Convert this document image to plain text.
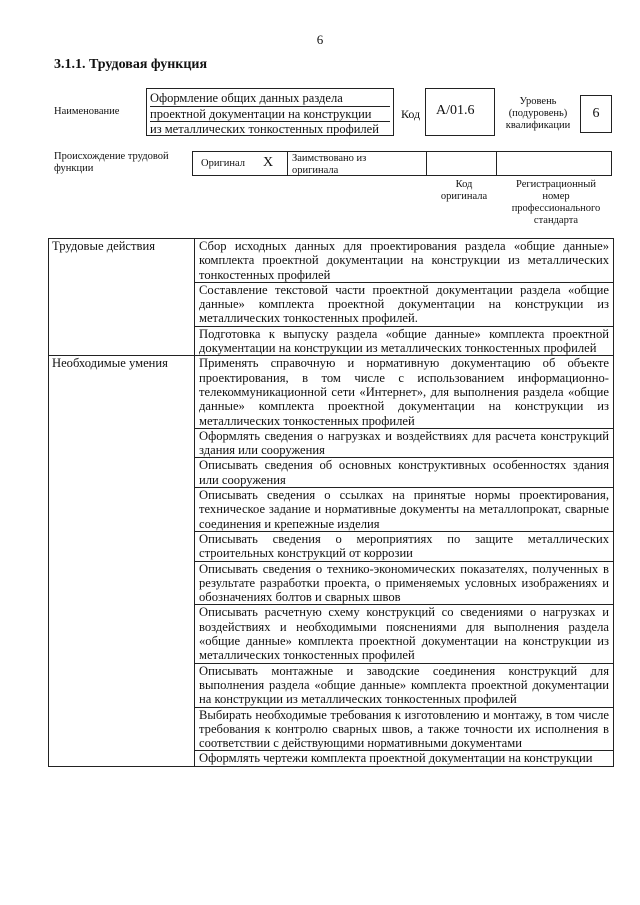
6
3.1.1. Трудовая функция
Наименование
Оформление общих данных раздела
проектной документации на конструкции
из металлических тонкостенных профилей
Код	А/01.6
Уровень
(подуровень)
квалификации
6
Происхождение трудовой
функции	Оригинал X Заимствовано из
оригинала
Код
оригинала
Регистрационный
номер
профессионального
стандарта
Трудовые действия	Сбор исходных данных для проектирования раздела «общие данные» комплекта проектной документации на конструкции из металлических тонкостенных профилей
	Составление текстовой части проектной документации раздела «общие данные» комплекта проектной документации на конструкции из металлических тонкостенных профилей.
	Подготовка к выпуску раздела «общие данные» комплекта проектной документации на конструкции из металлических тонкостенных профилей
Необходимые умения	Применять справочную и нормативную документацию об объекте проектирования, в том числе с использованием информационно-телекоммуникационной сети «Интернет», для выполнения раздела «общие данные» комплекта проектной документации на конструкции из металлических тонкостенных профилей
	Оформлять сведения о нагрузках и воздействиях для расчета конструкций здания или сооружения
	Описывать сведения об основных конструктивных особенностях здания или сооружения
	Описывать сведения о ссылках на принятые нормы проектирования, техническое задание и нормативные документы на металлопрокат, сварные соединения и крепежные изделия
	Описывать сведения о мероприятиях по защите металлических строительных конструкций от коррозии
	Описывать сведения о технико-экономических показателях, полученных в результате разработки проекта, о применяемых условных изображениях и обозначениях болтов и сварных швов
	Описывать расчетную схему конструкций со сведениями о нагрузках и воздействиях и необходимыми пояснениями для выполнения раздела «общие данные» комплекта проектной документации на конструкции из металлических тонкостенных профилей
	Описывать монтажные и заводские соединения конструкций для выполнения раздела «общие данные» комплекта проектной документации на конструкции из металлических тонкостенных профилей
	Выбирать необходимые требования к изготовлению и монтажу, в том числе требования к контролю сварных швов, а также точности их исполнения в соответствии с действующими нормативными документами
	Оформлять чертежи комплекта проектной документации на конструкции
